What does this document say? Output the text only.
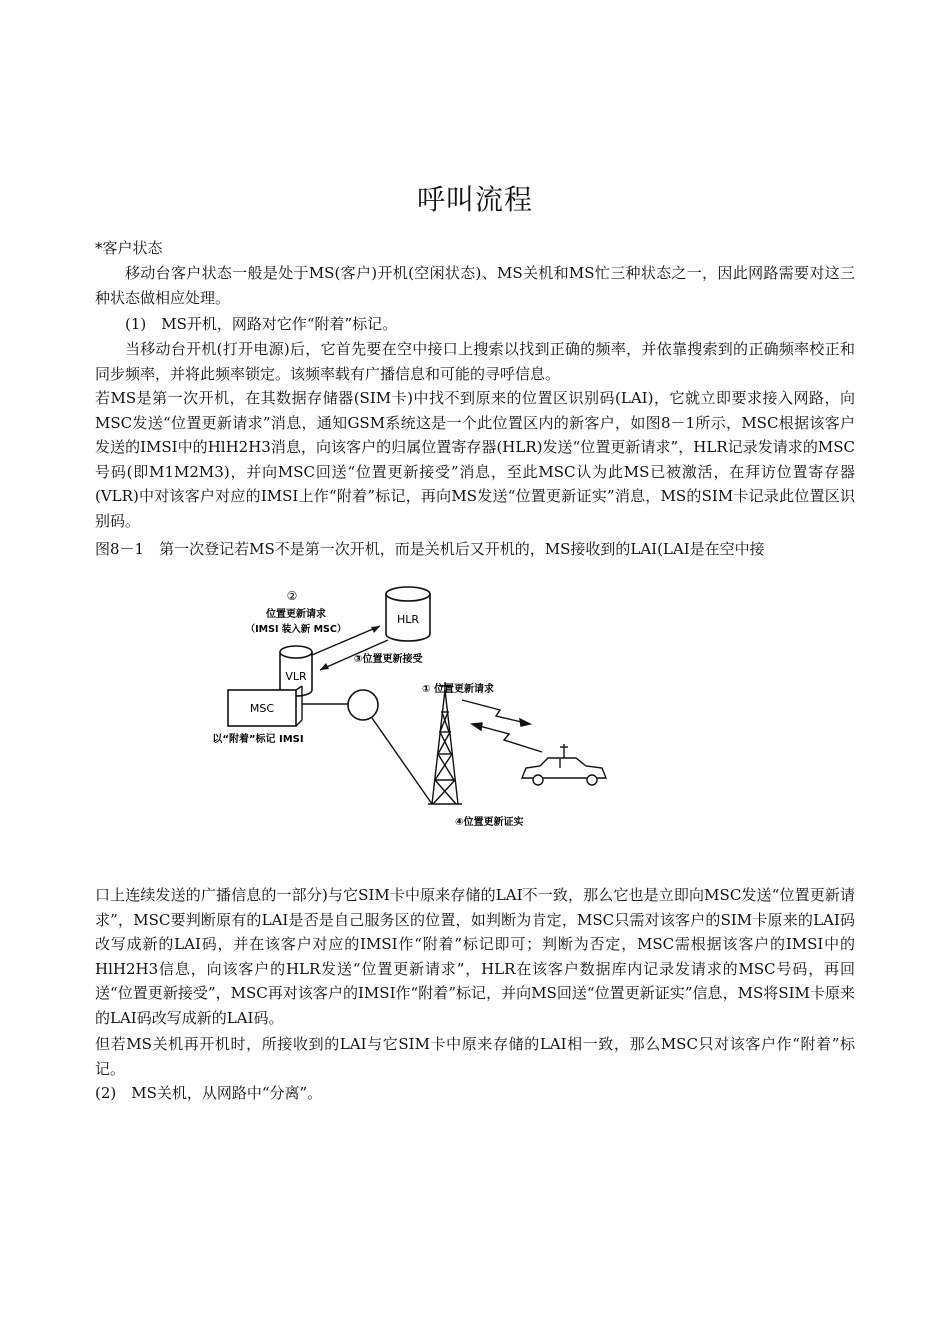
呼叫流程

*客户状态

移动台客户状态一般是处于MS(客户)开机(空闲状态)、MS关机和MS忙三种状态之一，因此网路需要对这三种状态做相应处理。

(1)　MS开机，网路对它作“附着”标记。

当移动台开机(打开电源)后，它首先要在空中接口上搜索以找到正确的频率，并依靠搜索到的正确频率校正和同步频率，并将此频率锁定。该频率载有广播信息和可能的寻呼信息。

若MS是第一次开机，在其数据存储器(SIM卡)中找不到原来的位置区识别码(LAI)，它就立即要求接入网路，向MSC发送“位置更新请求”消息，通知GSM系统这是一个此位置区内的新客户，如图8－1所示，MSC根据该客户发送的IMSI中的HlH2H3消息，向该客户的归属位置寄存器(HLR)发送“位置更新请求”，HLR记录发请求的MSC号码(即M1M2M3)，并向MSC回送“位置更新接受”消息，至此MSC认为此MS已被激活，在拜访位置寄存器(VLR)中对该客户对应的IMSI上作“附着”标记，再向MS发送“位置更新证实”消息，MS的SIM卡记录此位置区识别码。

图8－1　第一次登记若MS不是第一次开机，而是关机后又开机的，MS接收到的LAI(LAI是在空中接

HLR
②
位置更新请求
（IMSI 装入新 MSC）
③位置更新接受
VLR
MSC
以“附着”标记 IMSI
① 位置更新请求
④位置更新证实

口上连续发送的广播信息的一部分)与它SIM卡中原来存储的LAI不一致，那么它也是立即向MSC发送“位置更新请求”，MSC要判断原有的LAI是否是自己服务区的位置，如判断为肯定，MSC只需对该客户的SIM卡原来的LAI码改写成新的LAI码，并在该客户对应的IMSI作“附着”标记即可；判断为否定，MSC需根据该客户的IMSI中的HlH2H3信息，向该客户的HLR发送“位置更新请求”，HLR在该客户数据库内记录发请求的MSC号码，再回送“位置更新接受”，MSC再对该客户的IMSI作“附着”标记，并向MS回送“位置更新证实”信息，MS将SIM卡原来的LAI码改写成新的LAI码。

但若MS关机再开机时，所接收到的LAI与它SIM卡中原来存储的LAI相一致，那么MSC只对该客户作“附着”标记。

(2)　MS关机，从网路中“分离”。
